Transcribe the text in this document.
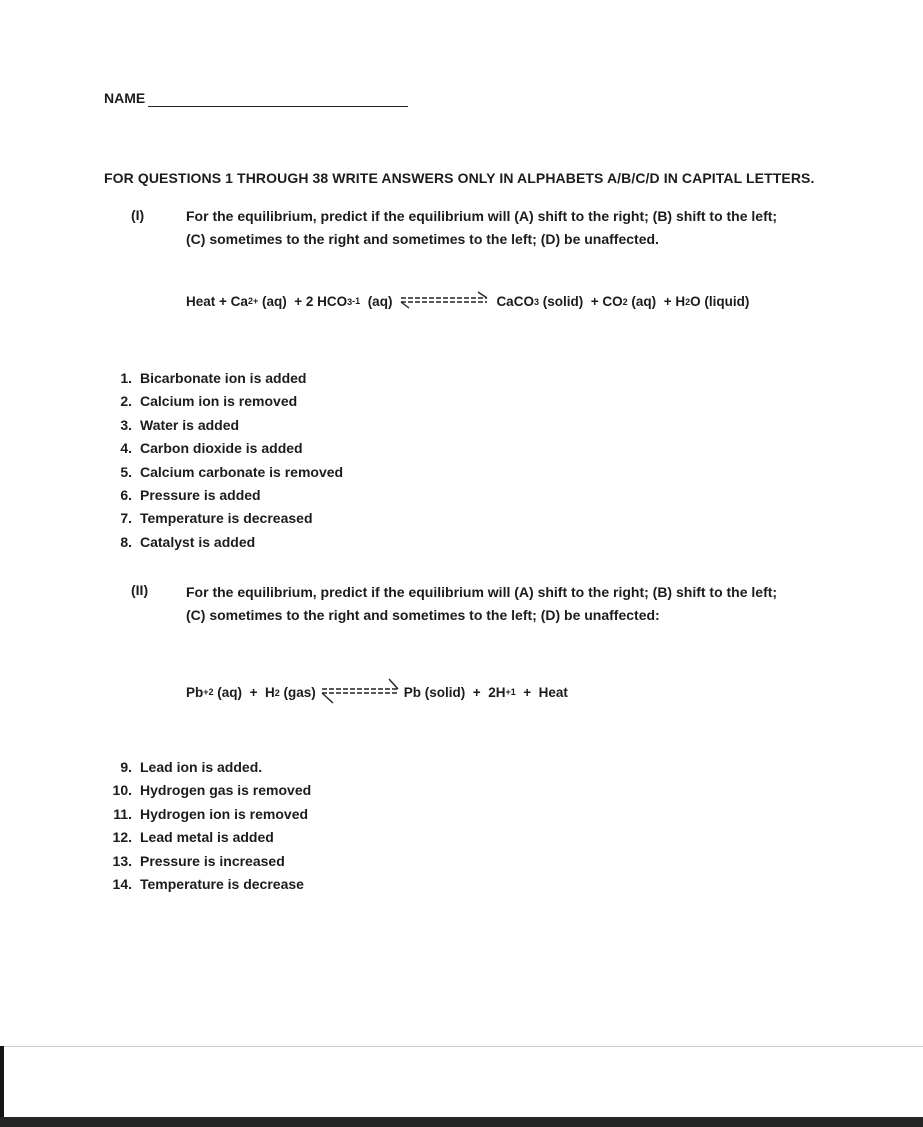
NAME
FOR QUESTIONS 1 THROUGH 38 WRITE ANSWERS ONLY IN ALPHABETS A/B/C/D IN CAPITAL LETTERS.
(I)	For the equilibrium, predict if the equilibrium will (A) shift to the right; (B) shift to the left;
(C) sometimes to the right and sometimes to the left; (D) be unaffected.
Heat +
$Ca^{2+}$
(aq)
+ 2 HCO $3^{-1}$
(aq)	CaCO 3
(solid)
+ CO 2
(aq)
+ H 2 O
(liquid)
1. Bicarbonate ion is added
2. Calcium ion is removed
3. Water is added
4. Carbon dioxide is added
5. Calcium carbonate is removed
6. Pressure is added
7. Temperature is decreased
8. Catalyst is added
(II)	For the equilibrium, predict if the equilibrium will (A) shift to the right; (B) shift to the left;
(C) sometimes to the right and sometimes to the left; (D) be unaffected:
$Pb^{+2}$
(aq)
+
H 2
(gas)	Pb (solid)
+
$2H^{+1}$
+
Heat
9. Lead ion is added.
10. Hydrogen gas is removed
11. Hydrogen ion is removed
12. Lead metal is added
13. Pressure is increased
14. Temperature is decrease
